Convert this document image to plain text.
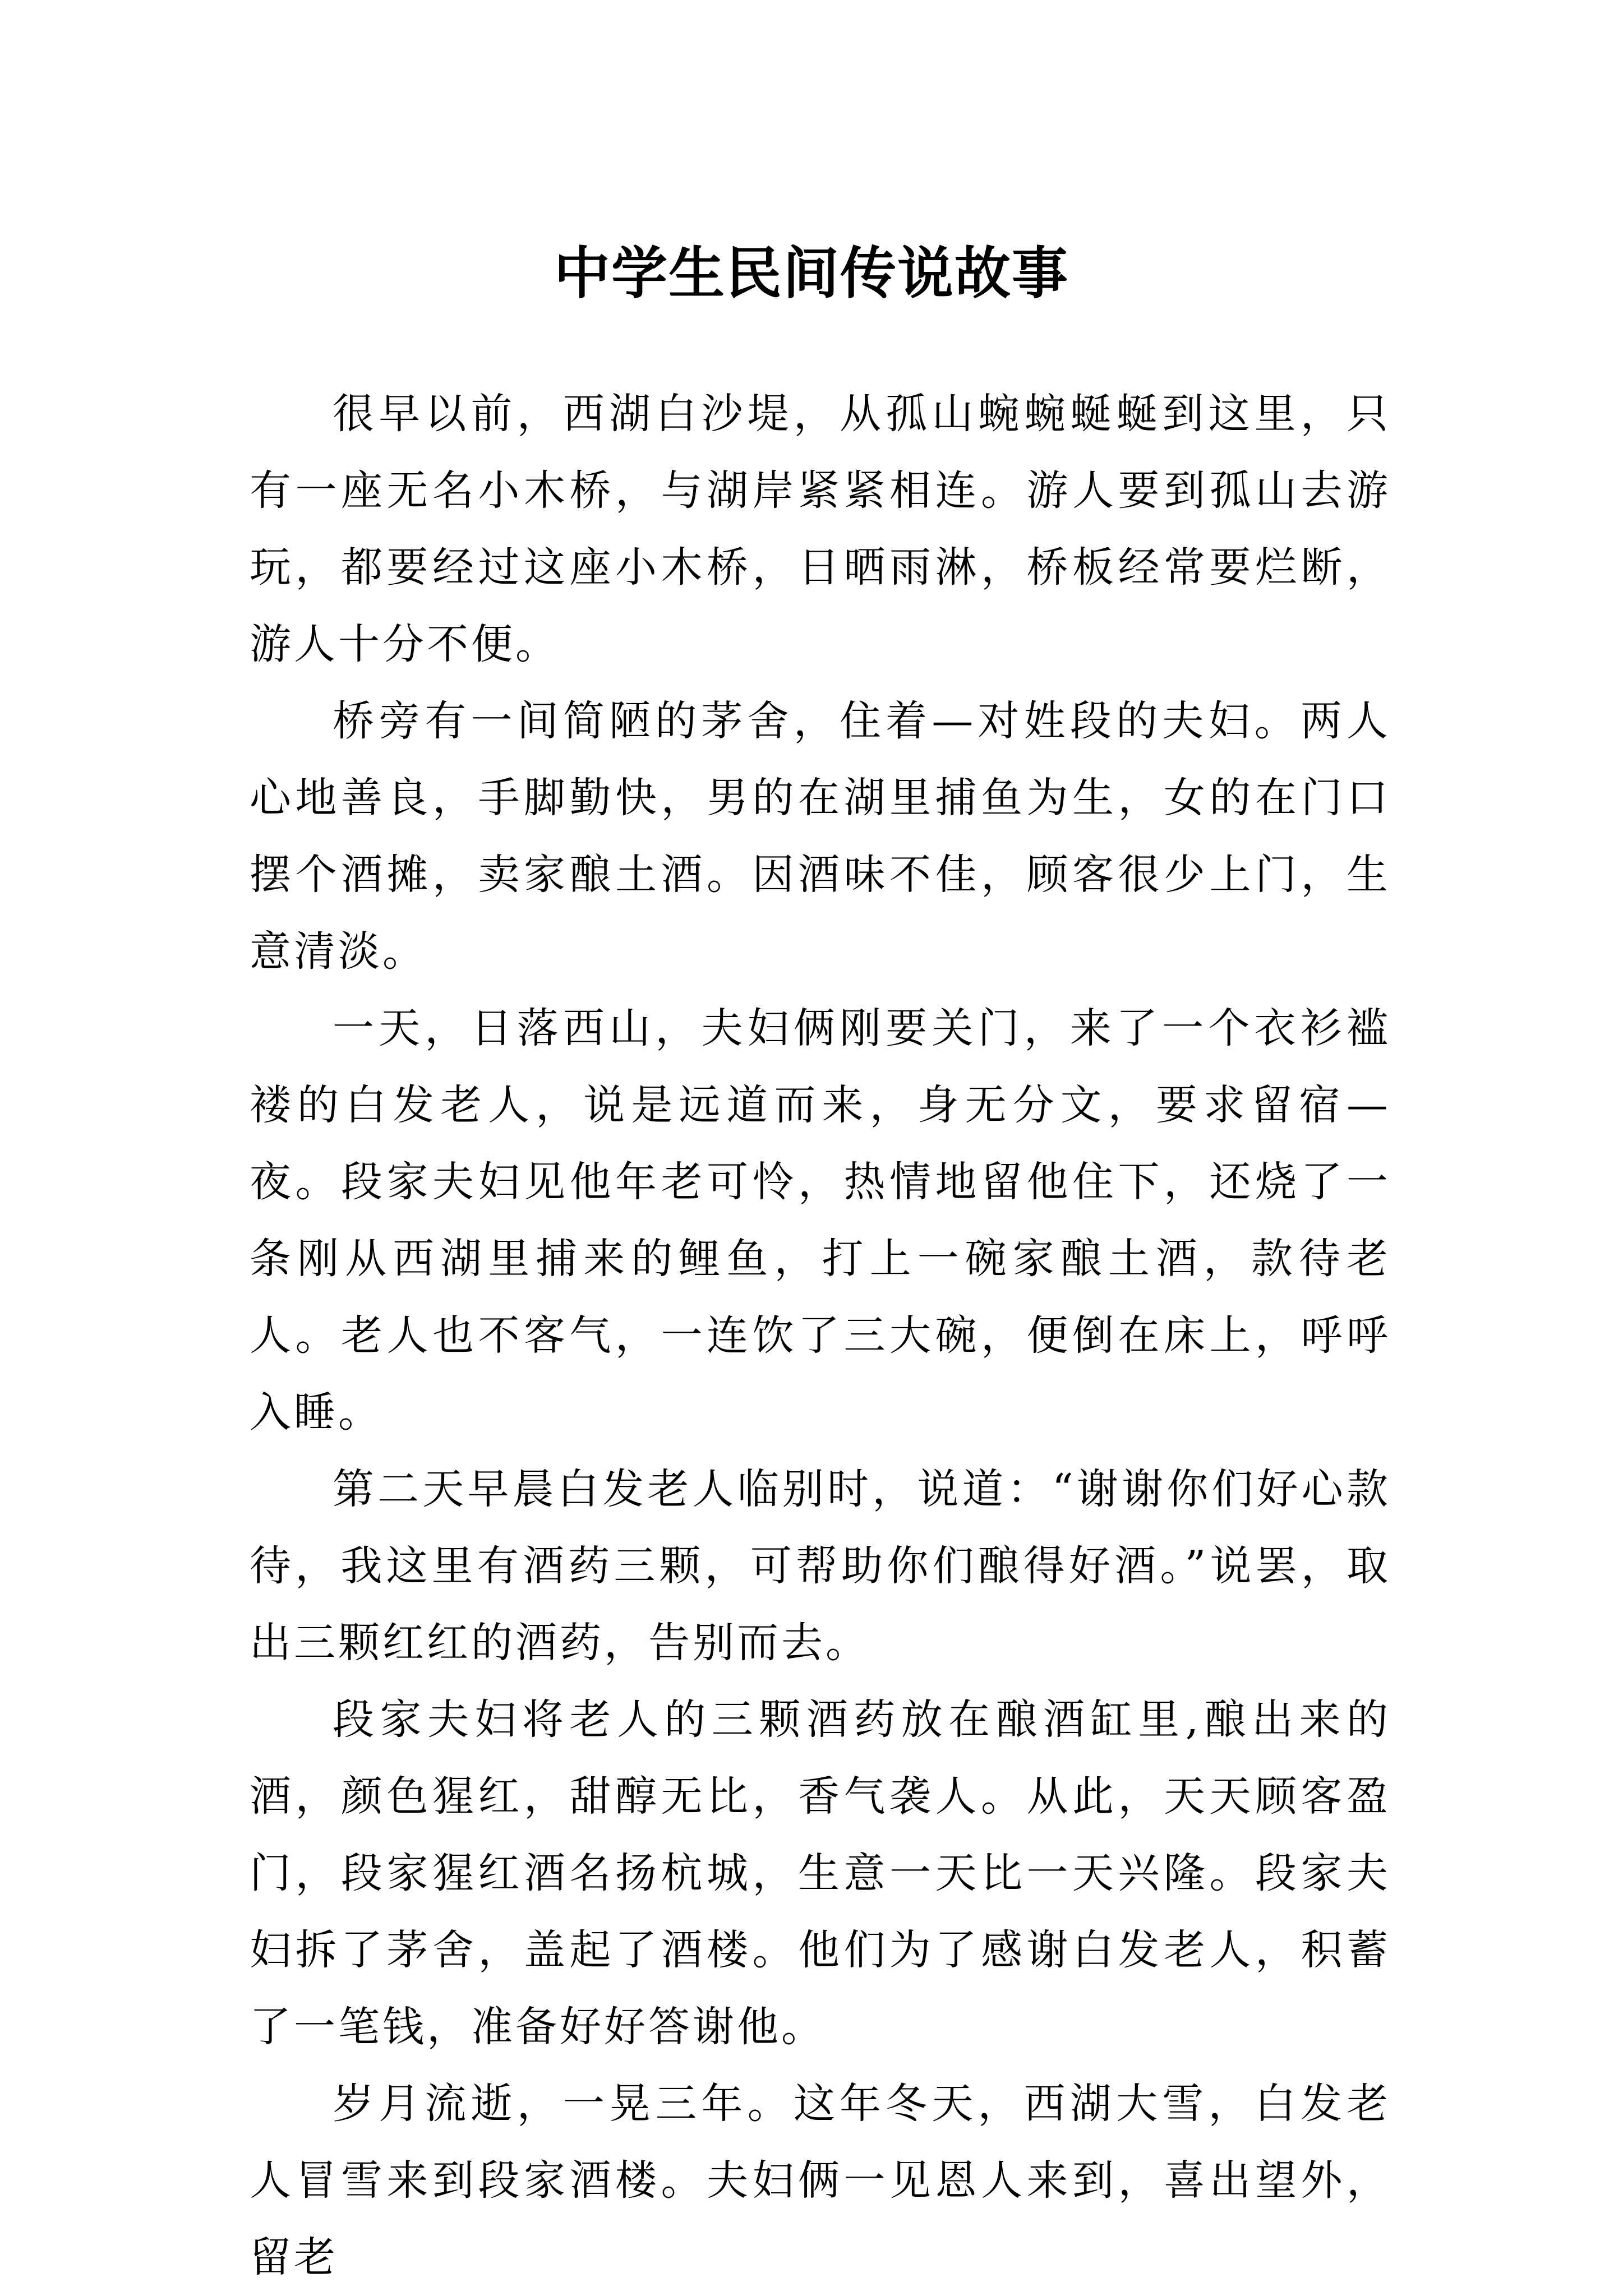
中学生民间传说故事

很早以前，西湖白沙堤，从孤山蜿蜿蜒蜒到这里，只有一座无名小木桥，与湖岸紧紧相连。游人要到孤山去游玩，都要经过这座小木桥，日晒雨淋，桥板经常要烂断，游人十分不便。

桥旁有一间简陋的茅舍，住着—对姓段的夫妇。两人心地善良，手脚勤快，男的在湖里捕鱼为生，女的在门口摆个酒摊，卖家酿土酒。因酒味不佳，顾客很少上门，生意清淡。

一天，日落西山，夫妇俩刚要关门，来了一个衣衫褴褛的白发老人，说是远道而来，身无分文，要求留宿—夜。段家夫妇见他年老可怜，热情地留他住下，还烧了一条刚从西湖里捕来的鲤鱼，打上一碗家酿土酒，款待老人。老人也不客气，一连饮了三大碗，便倒在床上，呼呼入睡。

第二天早晨白发老人临别时，说道：“谢谢你们好心款待，我这里有酒药三颗，可帮助你们酿得好酒。”说罢，取出三颗红红的酒药，告别而去。

段家夫妇将老人的三颗酒药放在酿酒缸里,酿出来的酒，颜色猩红，甜醇无比，香气袭人。从此，天天顾客盈门，段家猩红酒名扬杭城，生意一天比一天兴隆。段家夫妇拆了茅舍，盖起了酒楼。他们为了感谢白发老人，积蓄了一笔钱，准备好好答谢他。

岁月流逝，一晃三年。这年冬天，西湖大雪，白发老人冒雪来到段家酒楼。夫妇俩一见恩人来到，喜出望外，留老
